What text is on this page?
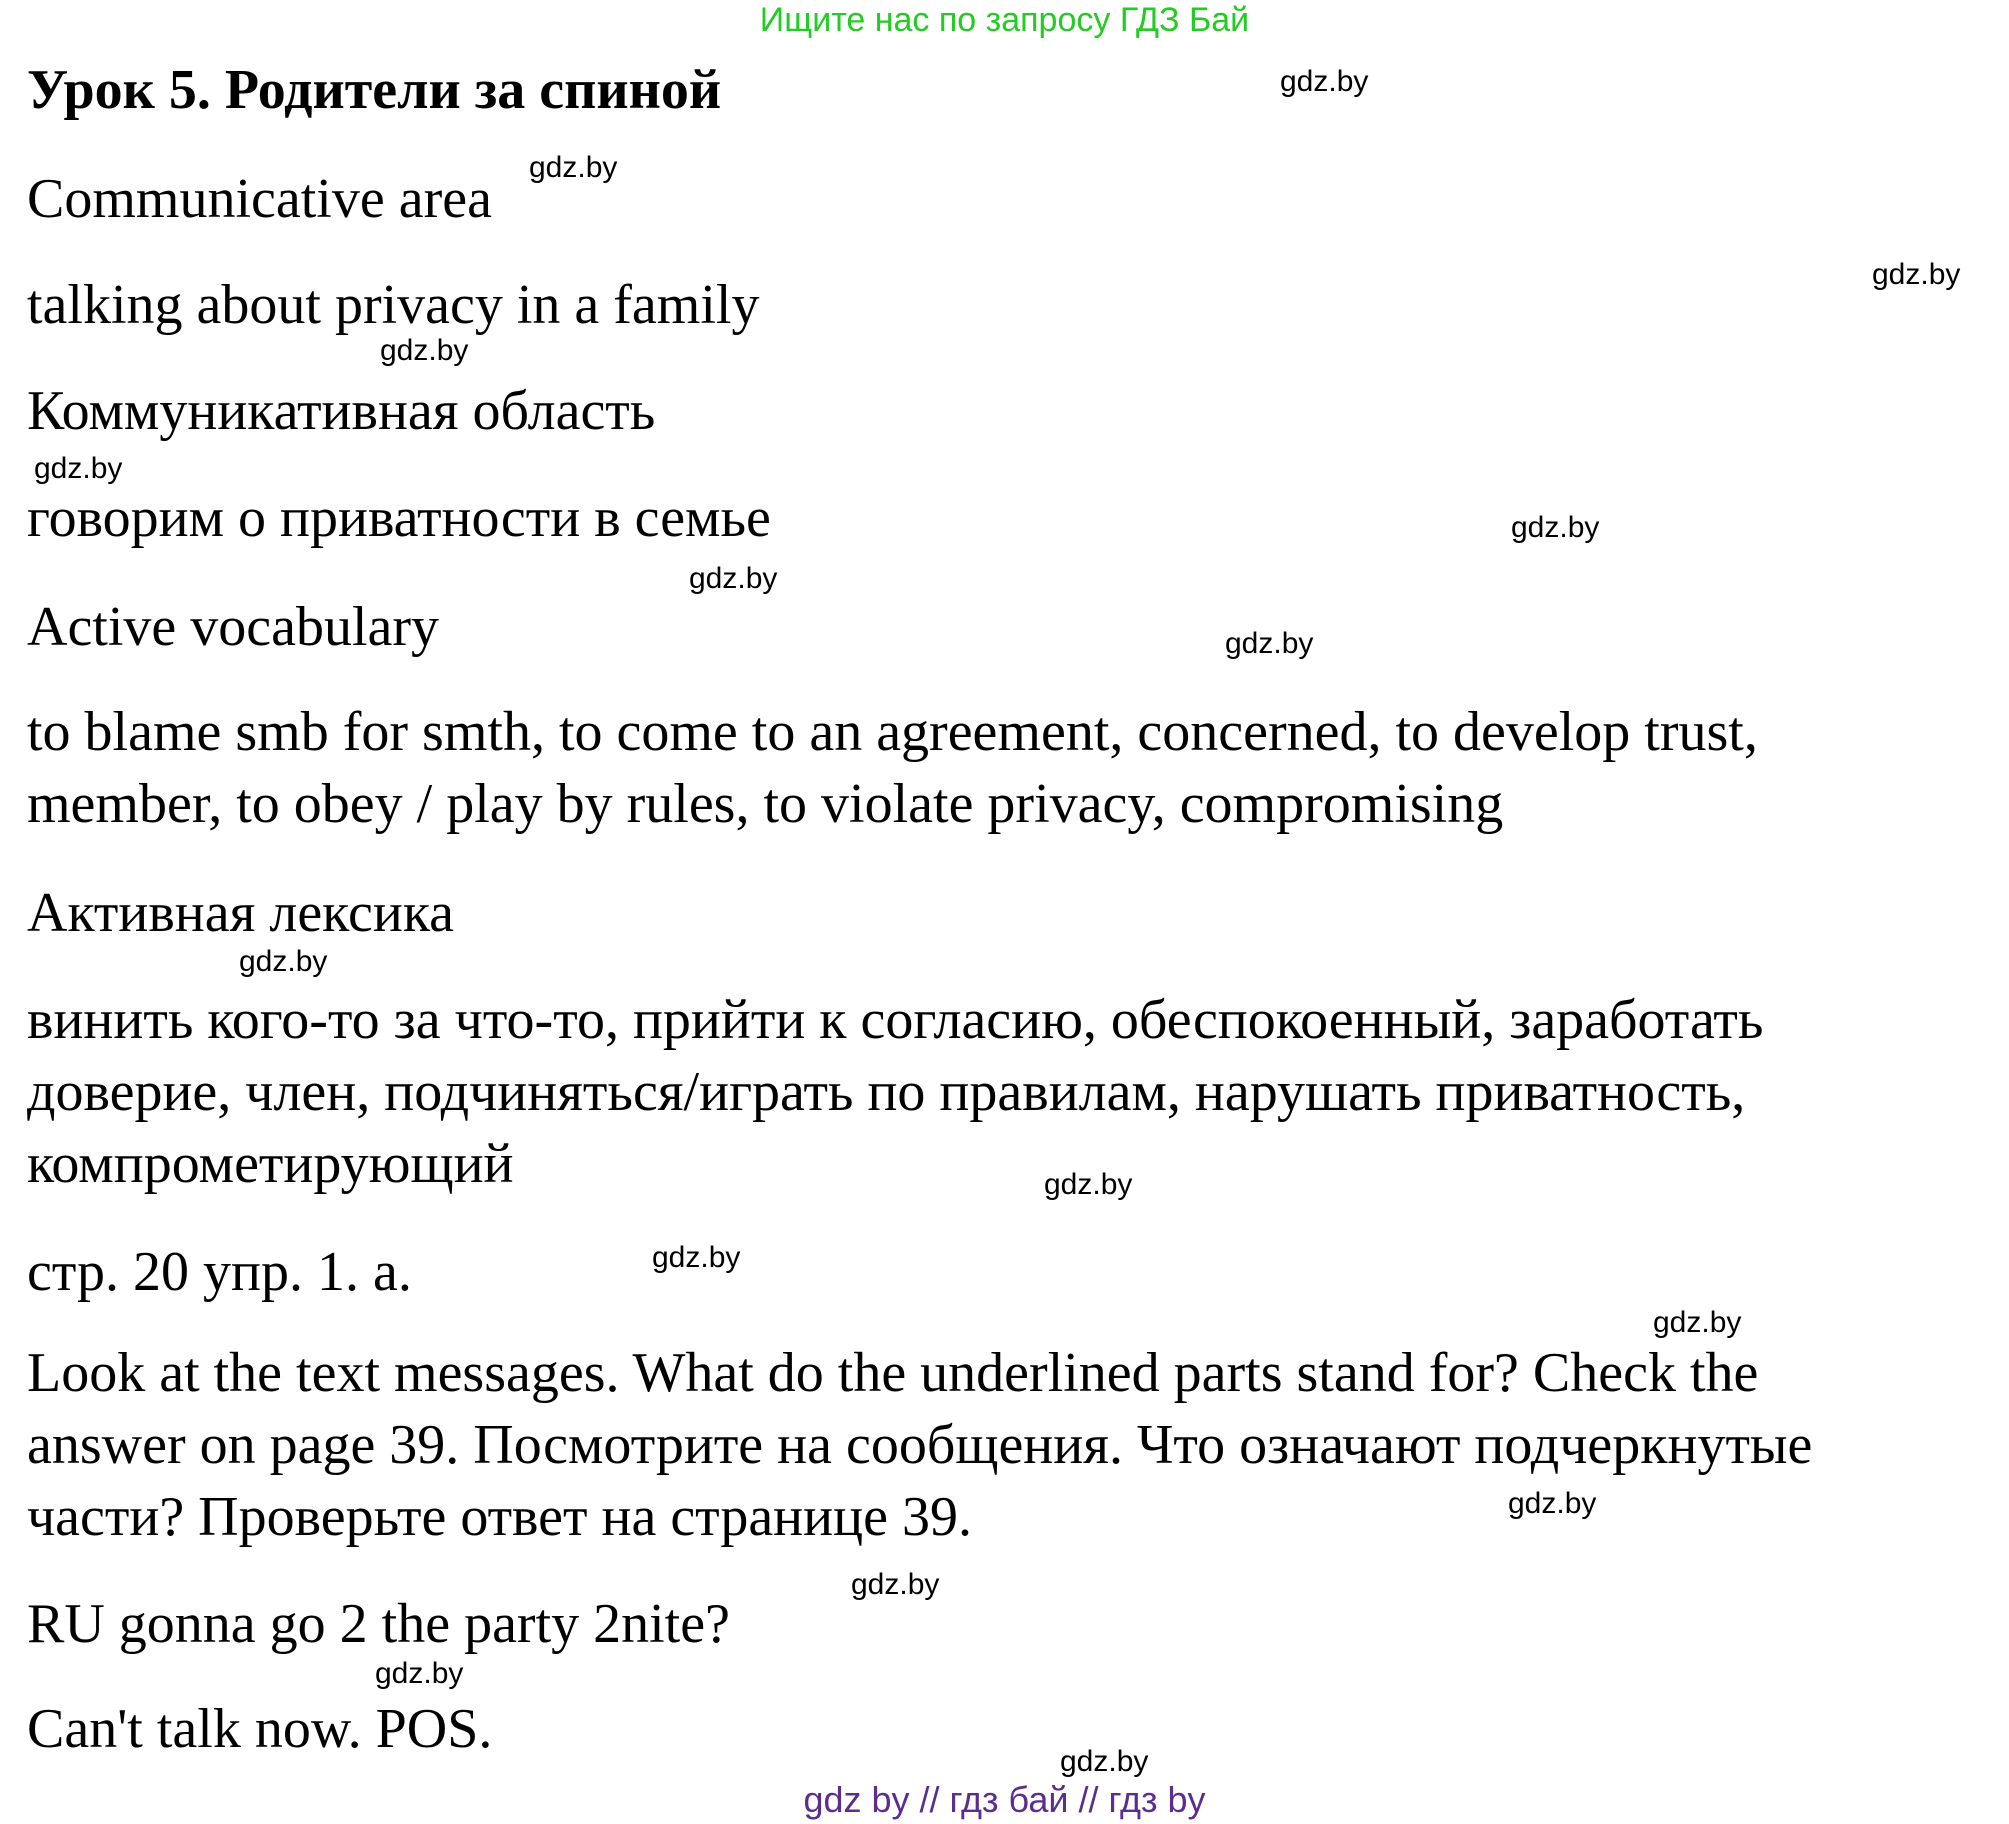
Ищите нас по запросу ГДЗ Бай
Урок 5. Родители за спиной
Communicative area
talking about privacy in a family
Коммуникативная область
говорим о приватности в семье
Active vocabulary
to blame smb for smth, to come to an agreement, concerned, to develop trust,
member, to obey / play by rules, to violate privacy, compromising
Активная лексика
винить кого-то за что-то, прийти к согласию, обеспокоенный, заработать
доверие, член, подчиняться/играть по правилам, нарушать приватность,
компрометирующий
стр. 20 упр. 1. а.
Look at the text messages. What do the underlined parts stand for? Check the
answer on page 39. Посмотрите на сообщения. Что означают подчеркнутые
части? Проверьте ответ на странице 39.
RU gonna go 2 the party 2nite?
Can't talk now. POS.
gdz.by
gdz.by
gdz.by
gdz.by
gdz.by
gdz.by
gdz.by
gdz.by
gdz.by
gdz.by
gdz.by
gdz.by
gdz.by
gdz.by
gdz.by
gdz.by
gdz by // гдз бай // гдз by
